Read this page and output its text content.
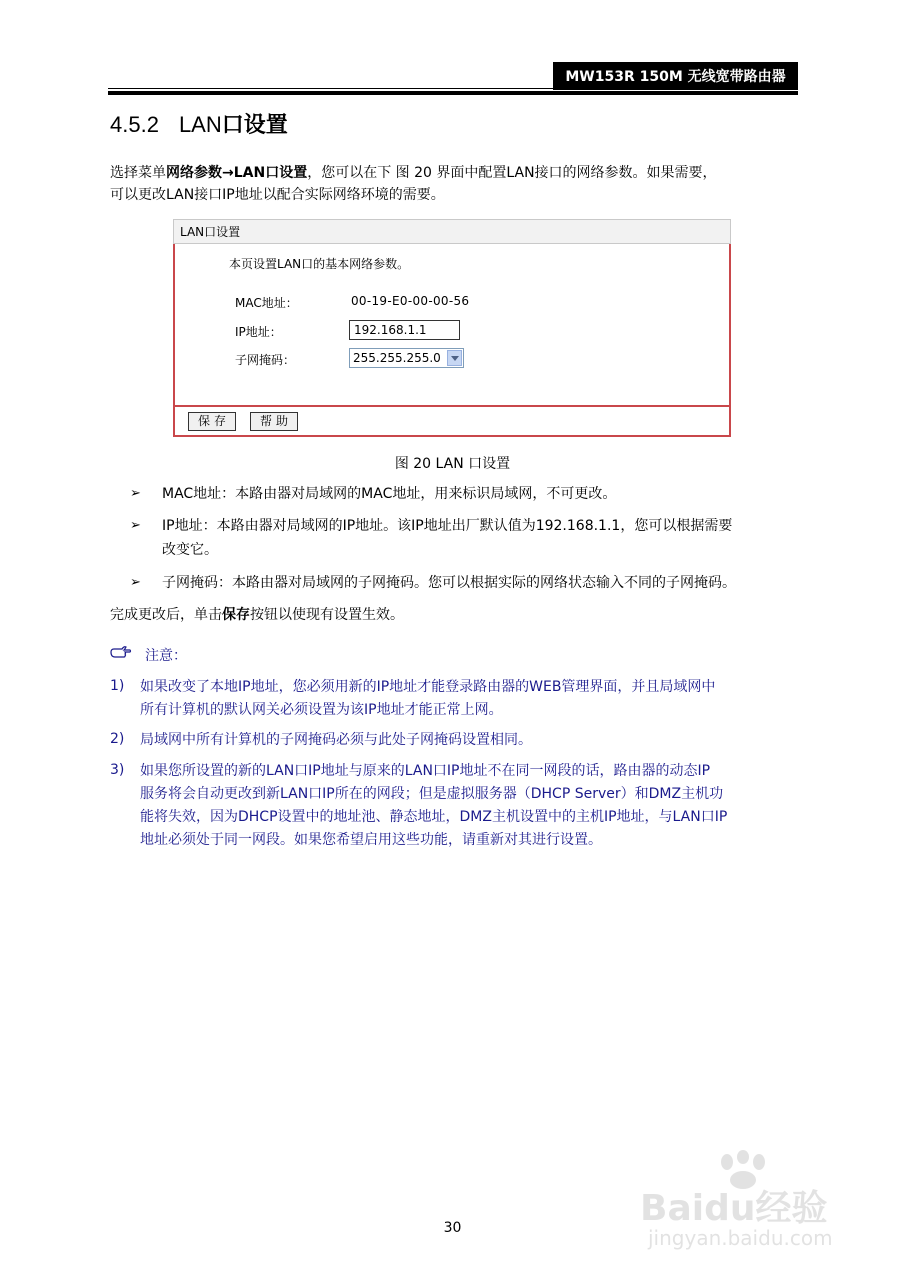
MW153R 150M 无线宽带路由器
4.5.2 LAN口设置
选择菜单网络参数→LAN口设置，您可以在下 图 20 界面中配置LAN接口的网络参数。如果需要，
可以更改LAN接口IP地址以配合实际网络环境的需要。
LAN口设置
本页设置LAN口的基本网络参数。
MAC地址：	00-19-E0-00-00-56
IP地址：	192.168.1.1
子网掩码：	255.255.255.0
保存	帮助
图 20 LAN 口设置
➢ MAC地址：本路由器对局域网的MAC地址，用来标识局域网，不可更改。
➢ IP地址：本路由器对局域网的IP地址。该IP地址出厂默认值为192.168.1.1，您可以根据需要
改变它。
➢ 子网掩码：本路由器对局域网的子网掩码。您可以根据实际的网络状态输入不同的子网掩码。
完成更改后，单击保存按钮以使现有设置生效。
注意：
1) 如果改变了本地IP地址，您必须用新的IP地址才能登录路由器的WEB管理界面，并且局域网中
所有计算机的默认网关必须设置为该IP地址才能正常上网。
2) 局域网中所有计算机的子网掩码必须与此处子网掩码设置相同。
3) 如果您所设置的新的LAN口IP地址与原来的LAN口IP地址不在同一网段的话，路由器的动态IP
服务将会自动更改到新LAN口IP所在的网段；但是虚拟服务器（DHCP Server）和DMZ主机功
能将失效，因为DHCP设置中的地址池、静态地址，DMZ主机设置中的主机IP地址，与LAN口IP
地址必须处于同一网段。如果您希望启用这些功能，请重新对其进行设置。
30	Baidu经验
jingyan.baidu.com
